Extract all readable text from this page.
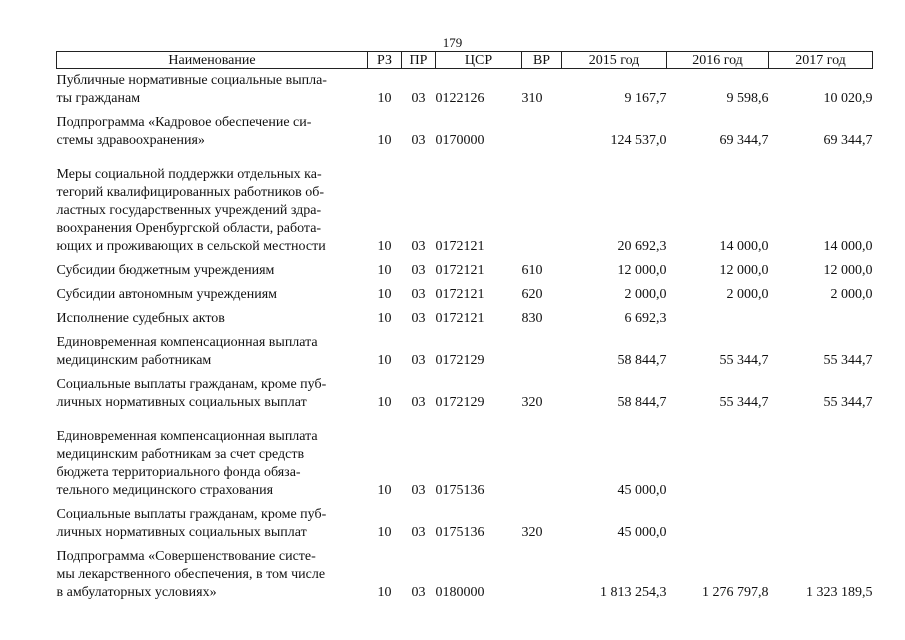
179
Наименование	РЗ	ПР	ЦСР	ВР	2015 год	2016 год	2017 год
Публичные нормативные социальные выпла-
ты гражданам	10	03	0122126	310	9 167,7	9 598,6	10 020,9
Подпрограмма «Кадровое обеспечение си-
стемы здравоохранения»	10	03	0170000		124 537,0	69 344,7	69 344,7
Меры социальной поддержки отдельных ка-
тегорий квалифицированных работников об-
ластных государственных учреждений здра-
воохранения Оренбургской области, работа-
ющих и проживающих в сельской местности	10	03	0172121		20 692,3	14 000,0	14 000,0
Субсидии бюджетным учреждениям	10	03	0172121	610	12 000,0	12 000,0	12 000,0
Субсидии автономным учреждениям	10	03	0172121	620	2 000,0	2 000,0	2 000,0
Исполнение судебных актов	10	03	0172121	830	6 692,3		
Единовременная компенсационная выплата
медицинским работникам	10	03	0172129		58 844,7	55 344,7	55 344,7
Социальные выплаты гражданам, кроме пуб-
личных нормативных социальных выплат	10	03	0172129	320	58 844,7	55 344,7	55 344,7
Единовременная компенсационная выплата
медицинским работникам за счет средств
бюджета территориального фонда обяза-
тельного медицинского страхования	10	03	0175136		45 000,0		
Социальные выплаты гражданам, кроме пуб-
личных нормативных социальных выплат	10	03	0175136	320	45 000,0		
Подпрограмма «Совершенствование систе-
мы лекарственного обеспечения, в том числе
в амбулаторных условиях»	10	03	0180000		1 813 254,3	1 276 797,8	1 323 189,5
